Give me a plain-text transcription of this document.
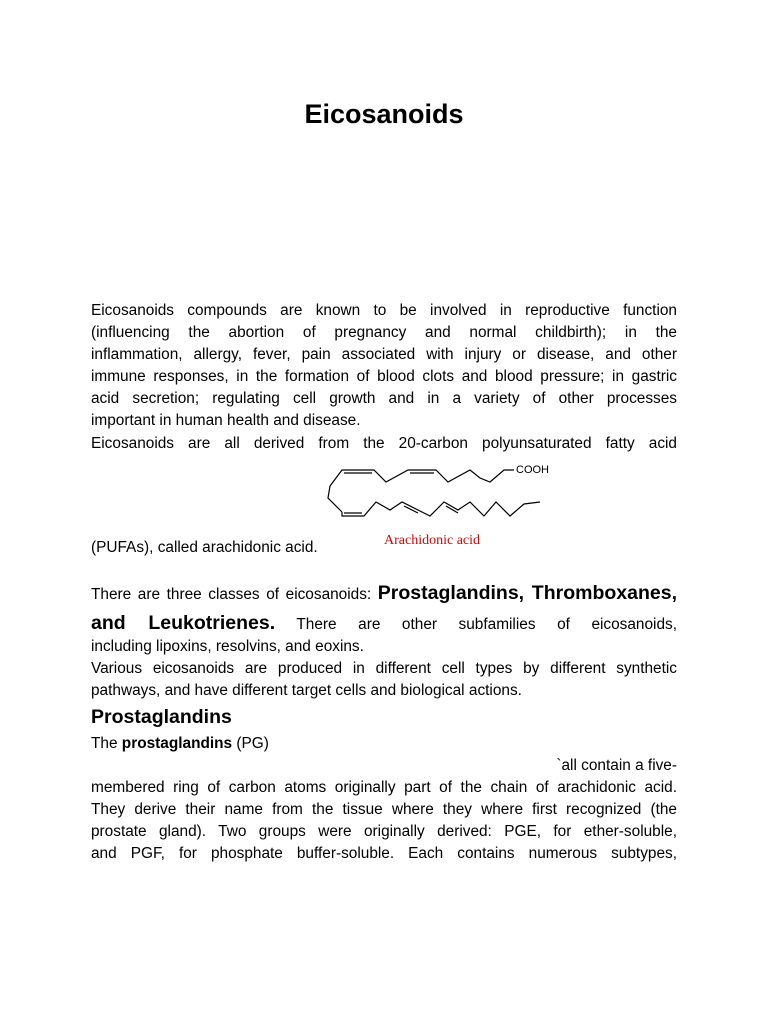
Eicosanoids
Eicosanoids compounds are known to be involved in reproductive function
(influencing the abortion of pregnancy and normal childbirth); in the
inflammation, allergy, fever, pain associated with injury or disease, and other
immune responses, in the formation of blood clots and blood pressure; in gastric
acid secretion; regulating cell growth and in a variety of other processes
important in human health and disease.
Eicosanoids are all derived from the 20-carbon polyunsaturated fatty acid
COOH
Arachidonic acid
(PUFAs), called arachidonic acid.
There are three classes of eicosanoids: Prostaglandins, Thromboxanes,
and Leukotrienes. There are other subfamilies of eicosanoids,
including lipoxins, resolvins, and eoxins.
Various eicosanoids are produced in different cell types by different synthetic
pathways, and have different target cells and biological actions.
Prostaglandins
The prostaglandins (PG)
`all contain a five-
membered ring of carbon atoms originally part of the chain of arachidonic acid.
They derive their name from the tissue where they where first recognized (the
prostate gland). Two groups were originally derived: PGE, for ether-soluble,
and PGF, for phosphate buffer-soluble. Each contains numerous subtypes,
